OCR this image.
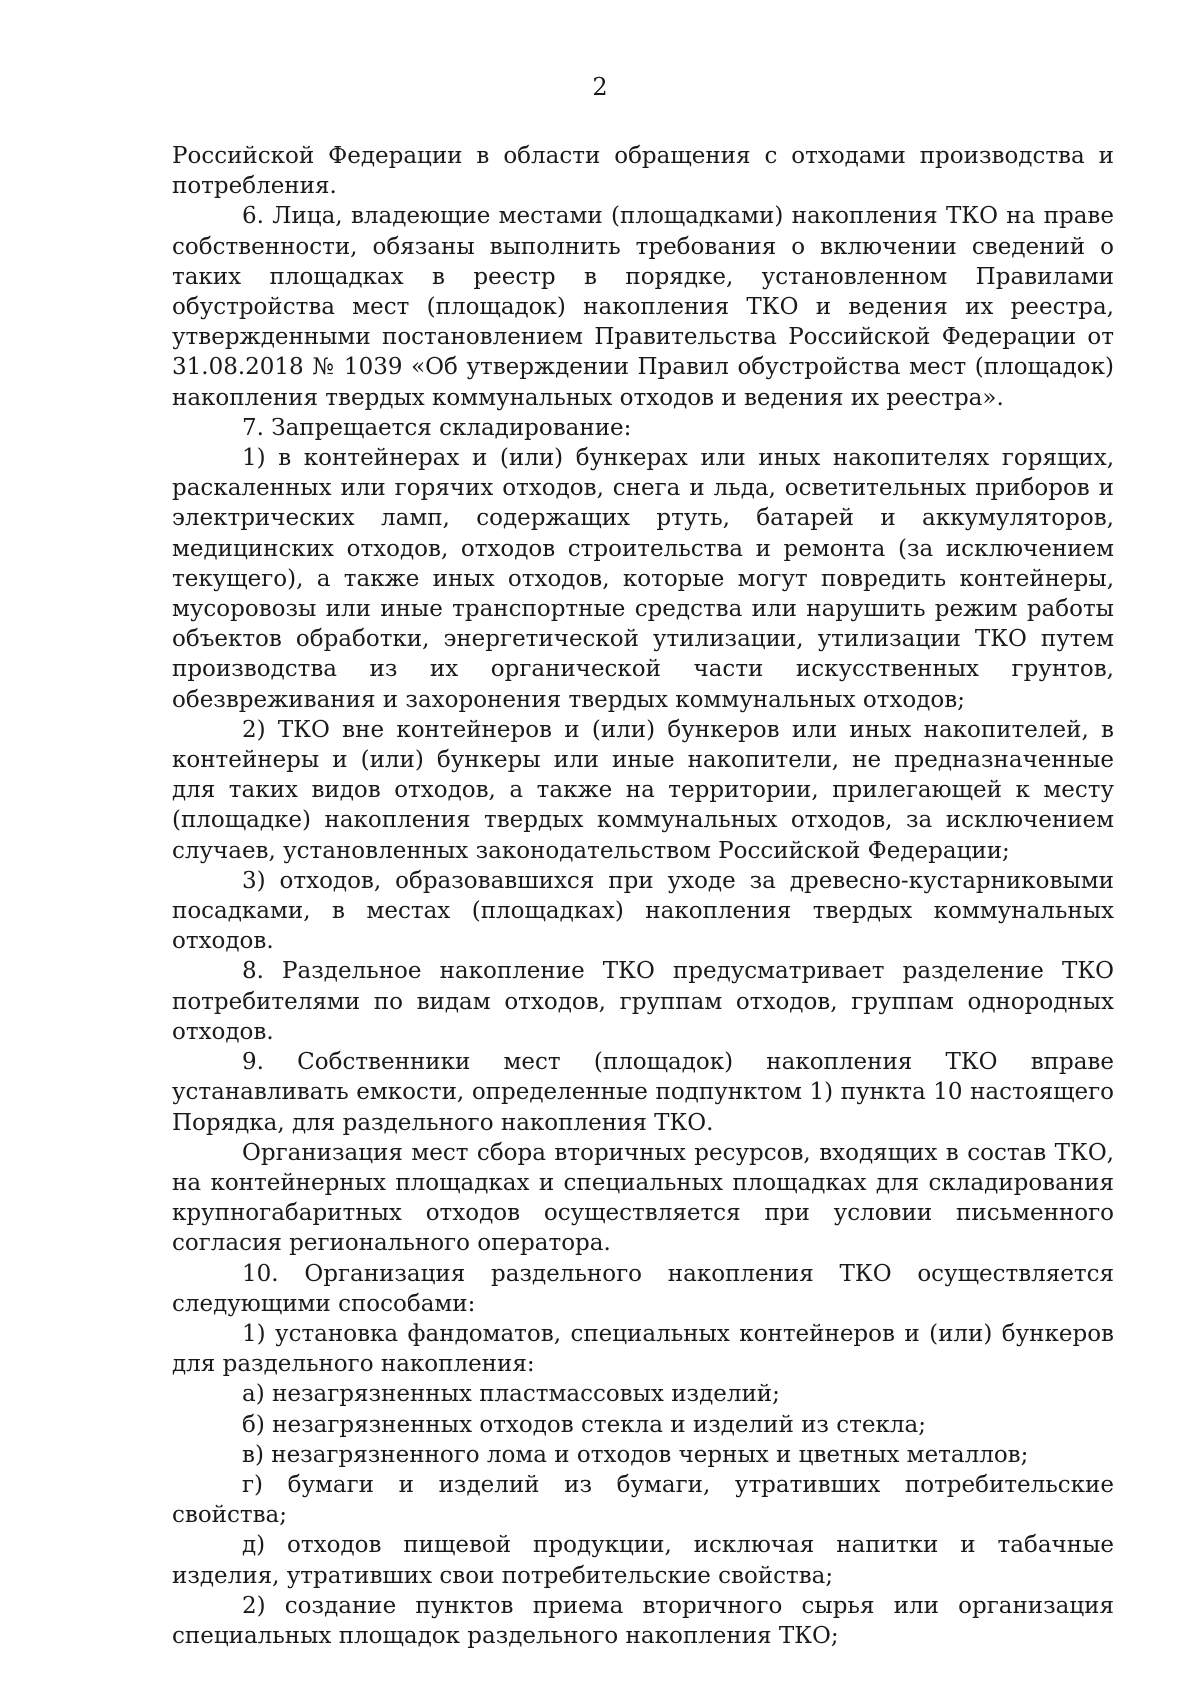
2

Российской Федерации в области обращения с отходами производства и потребления.

6. Лица, владеющие местами (площадками) накопления ТКО на праве собственности, обязаны выполнить требования о включении сведений о таких площадках в реестр в порядке, установленном Правилами обустройства мест (площадок) накопления ТКО и ведения их реестра, утвержденными постановлением Правительства Российской Федерации от 31.08.2018 № 1039 «Об утверждении Правил обустройства мест (площадок) накопления твердых коммунальных отходов и ведения их реестра».

7. Запрещается складирование:

1) в контейнерах и (или) бункерах или иных накопителях горящих, раскаленных или горячих отходов, снега и льда, осветительных приборов и электрических ламп, содержащих ртуть, батарей и аккумуляторов, медицинских отходов, отходов строительства и ремонта (за исключением текущего), а также иных отходов, которые могут повредить контейнеры, мусоровозы или иные транспортные средства или нарушить режим работы объектов обработки, энергетической утилизации, утилизации ТКО путем производства из их органической части искусственных грунтов, обезвреживания и захоронения твердых коммунальных отходов;

2) ТКО вне контейнеров и (или) бункеров или иных накопителей, в контейнеры и (или) бункеры или иные накопители, не предназначенные для таких видов отходов, а также на территории, прилегающей к месту (площадке) накопления твердых коммунальных отходов, за исключением случаев, установленных законодательством Российской Федерации;

3) отходов, образовавшихся при уходе за древесно-кустарниковыми посадками, в местах (площадках) накопления твердых коммунальных отходов.

8. Раздельное накопление ТКО предусматривает разделение ТКО потребителями по видам отходов, группам отходов, группам однородных отходов.

9. Собственники мест (площадок) накопления ТКО вправе устанавливать емкости, определенные подпунктом 1) пункта 10 настоящего Порядка, для раздельного накопления ТКО.

Организация мест сбора вторичных ресурсов, входящих в состав ТКО, на контейнерных площадках и специальных площадках для складирования крупногабаритных отходов осуществляется при условии письменного согласия регионального оператора.

10. Организация раздельного накопления ТКО осуществляется следующими способами:

1) установка фандоматов, специальных контейнеров и (или) бункеров для раздельного накопления:

а) незагрязненных пластмассовых изделий;

б) незагрязненных отходов стекла и изделий из стекла;

в) незагрязненного лома и отходов черных и цветных металлов;

г) бумаги и изделий из бумаги, утративших потребительские свойства;

д) отходов пищевой продукции, исключая напитки и табачные изделия, утративших свои потребительские свойства;

2) создание пунктов приема вторичного сырья или организация специальных площадок раздельного накопления ТКО;
